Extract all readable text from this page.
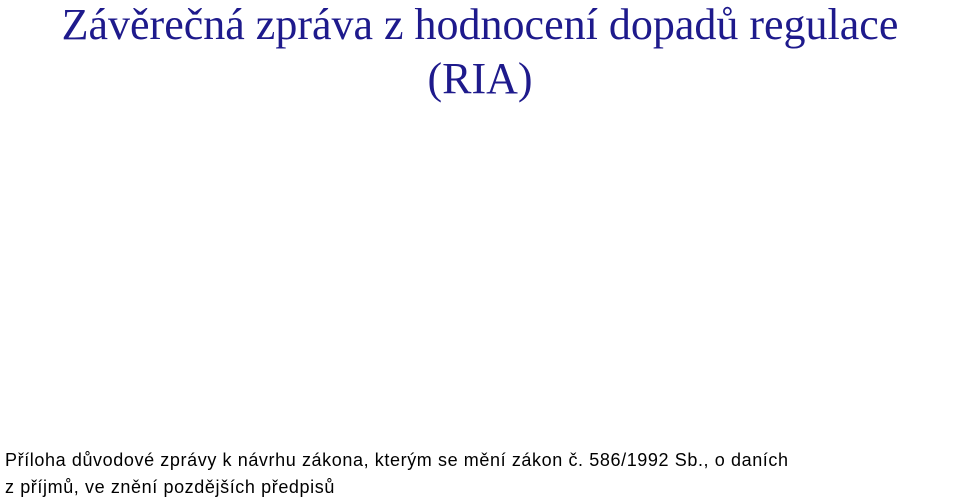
Závěrečná zpráva z hodnocení dopadů regulace
(RIA)
Příloha důvodové zprávy k návrhu zákona, kterým se mění zákon č. 586/1992 Sb., o daních
z příjmů, ve znění pozdějších předpisů
